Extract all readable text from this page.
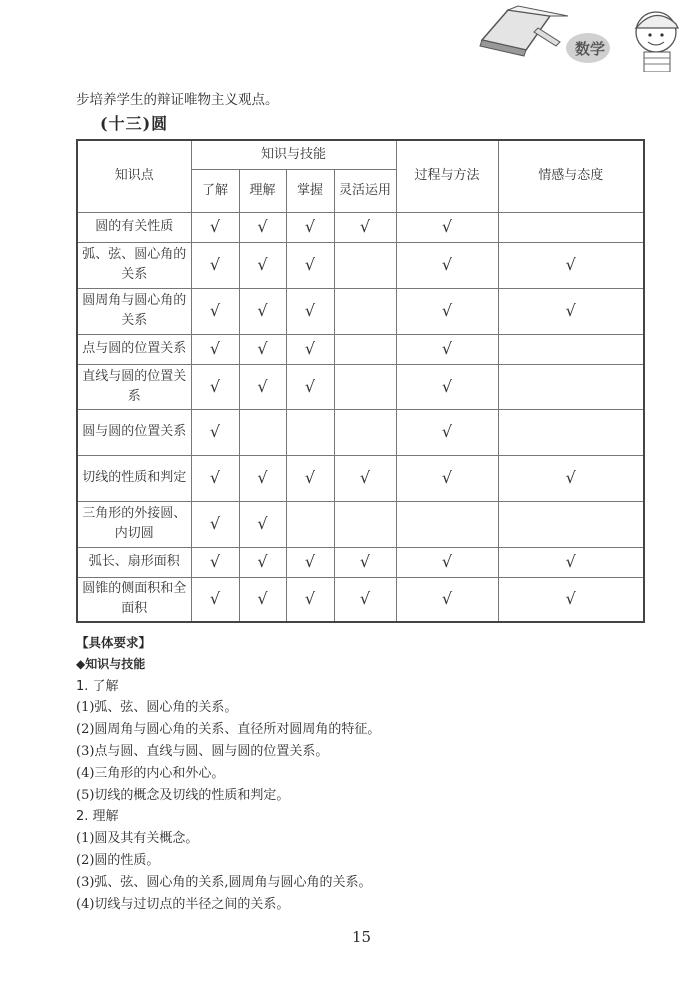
数学
步培养学生的辩证唯物主义观点。
(十三)圆
知识点	知识与技能				过程与方法	情感与态度
	了解	理解	掌握	灵活运用		
圆的有关性质	√	√	√	√	√	
弧、弦、圆心角的关系	√	√	√		√	√
圆周角与圆心角的关系	√	√	√		√	√
点与圆的位置关系	√	√	√		√	
直线与圆的位置关系	√	√	√		√	
圆与圆的位置关系	√				√	
切线的性质和判定	√	√	√	√	√	√
三角形的外接圆、内切圆	√	√				
弧长、扇形面积	√	√	√	√	√	√
圆锥的侧面积和全面积	√	√	√	√	√	√
【具体要求】
◆知识与技能
1. 了解
(1)弧、弦、圆心角的关系。
(2)圆周角与圆心角的关系、直径所对圆周角的特征。
(3)点与圆、直线与圆、圆与圆的位置关系。
(4)三角形的内心和外心。
(5)切线的概念及切线的性质和判定。
2. 理解
(1)圆及其有关概念。
(2)圆的性质。
(3)弧、弦、圆心角的关系,圆周角与圆心角的关系。
(4)切线与过切点的半径之间的关系。
15
